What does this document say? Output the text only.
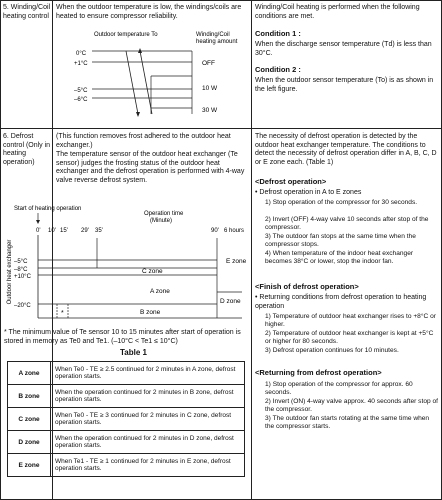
5. Winding/Coil heating control
When the outdoor temperature is low, the windings/coils are heated to ensure compressor reliability.
Outdoor temperature To	Winding/Coil
heating amount
0°C
+1°C
–5°C
–6°C
OFF
10 W
30 W
Winding/Coil heating is performed when the following conditions are met.
Condition 1 :
When the discharge sensor temperature (Td) is less than 30°C.
Condition 2 :
When the outdoor sensor temperature (To) is as shown in the left figure.
6. Defrost control (Only in heating operation)
(This function removes frost adhered to the outdoor heat exchanger.)
The temperature sensor of the outdoor heat exchanger (Te sensor) judges the frosting status of the outdoor heat exchanger and the defrost operation is performed with 4-way valve reverse defrost system.
Start of heating operation
Operation time
(Minute)
0' 10' 15' 29' 35'	90' 6 hours
Outdoor heat exchanger –5°C
–8°C
+10°C
–20°C
E zone
C zone
A zone
D zone
B zone
*
* The minimum value of Te sensor 10 to 15 minutes after start of operation is stored in memory as Te0 and Te1. (–10°C < Te1 ≤ 10°C)
Table 1
A zone	When Te0 - TE ≥ 2.5 continued for 2 minutes in A zone, defrost operation starts.
B zone	When the operation continued for 2 minutes in B zone, defrost operation starts.
C zone	When Te0 - TE ≥ 3 continued for 2 minutes in C zone, defrost operation starts.
D zone	When the operation continued for 2 minutes in D zone, defrost operation starts.
E zone	When Te1 - TE ≥ 1 continued for 2 minutes in E zone, defrost operation starts.
The necessity of defrost operation is detected by the outdoor heat exchanger temperature. The conditions to detect the necessity of defrost operation differ in A, B, C, D or E zone each. (Table 1)
<Defrost operation>
• Defrost operation in A to E zones
1) Stop operation of the compressor for 30 seconds.
2) Invert (OFF) 4-way valve 10 seconds after stop of the compressor.
3) The outdoor fan stops at the same time when the compressor stops.
4) When temperature of the indoor heat exchanger becomes 38°C or lower, stop the indoor fan.
<Finish of defrost operation>
• Returning conditions from defrost operation to heating operation
1) Temperature of outdoor heat exchanger rises to +8°C or higher.
2) Temperature of outdoor heat exchanger is kept at +5°C or higher for 80 seconds.
3) Defrost operation continues for 10 minutes.
<Returning from defrost operation>
1) Stop operation of the compressor for approx. 60 seconds.
2) Invert (ON) 4-way valve approx. 40 seconds after stop of the compressor.
3) The outdoor fan starts rotating at the same time when the compressor starts.
